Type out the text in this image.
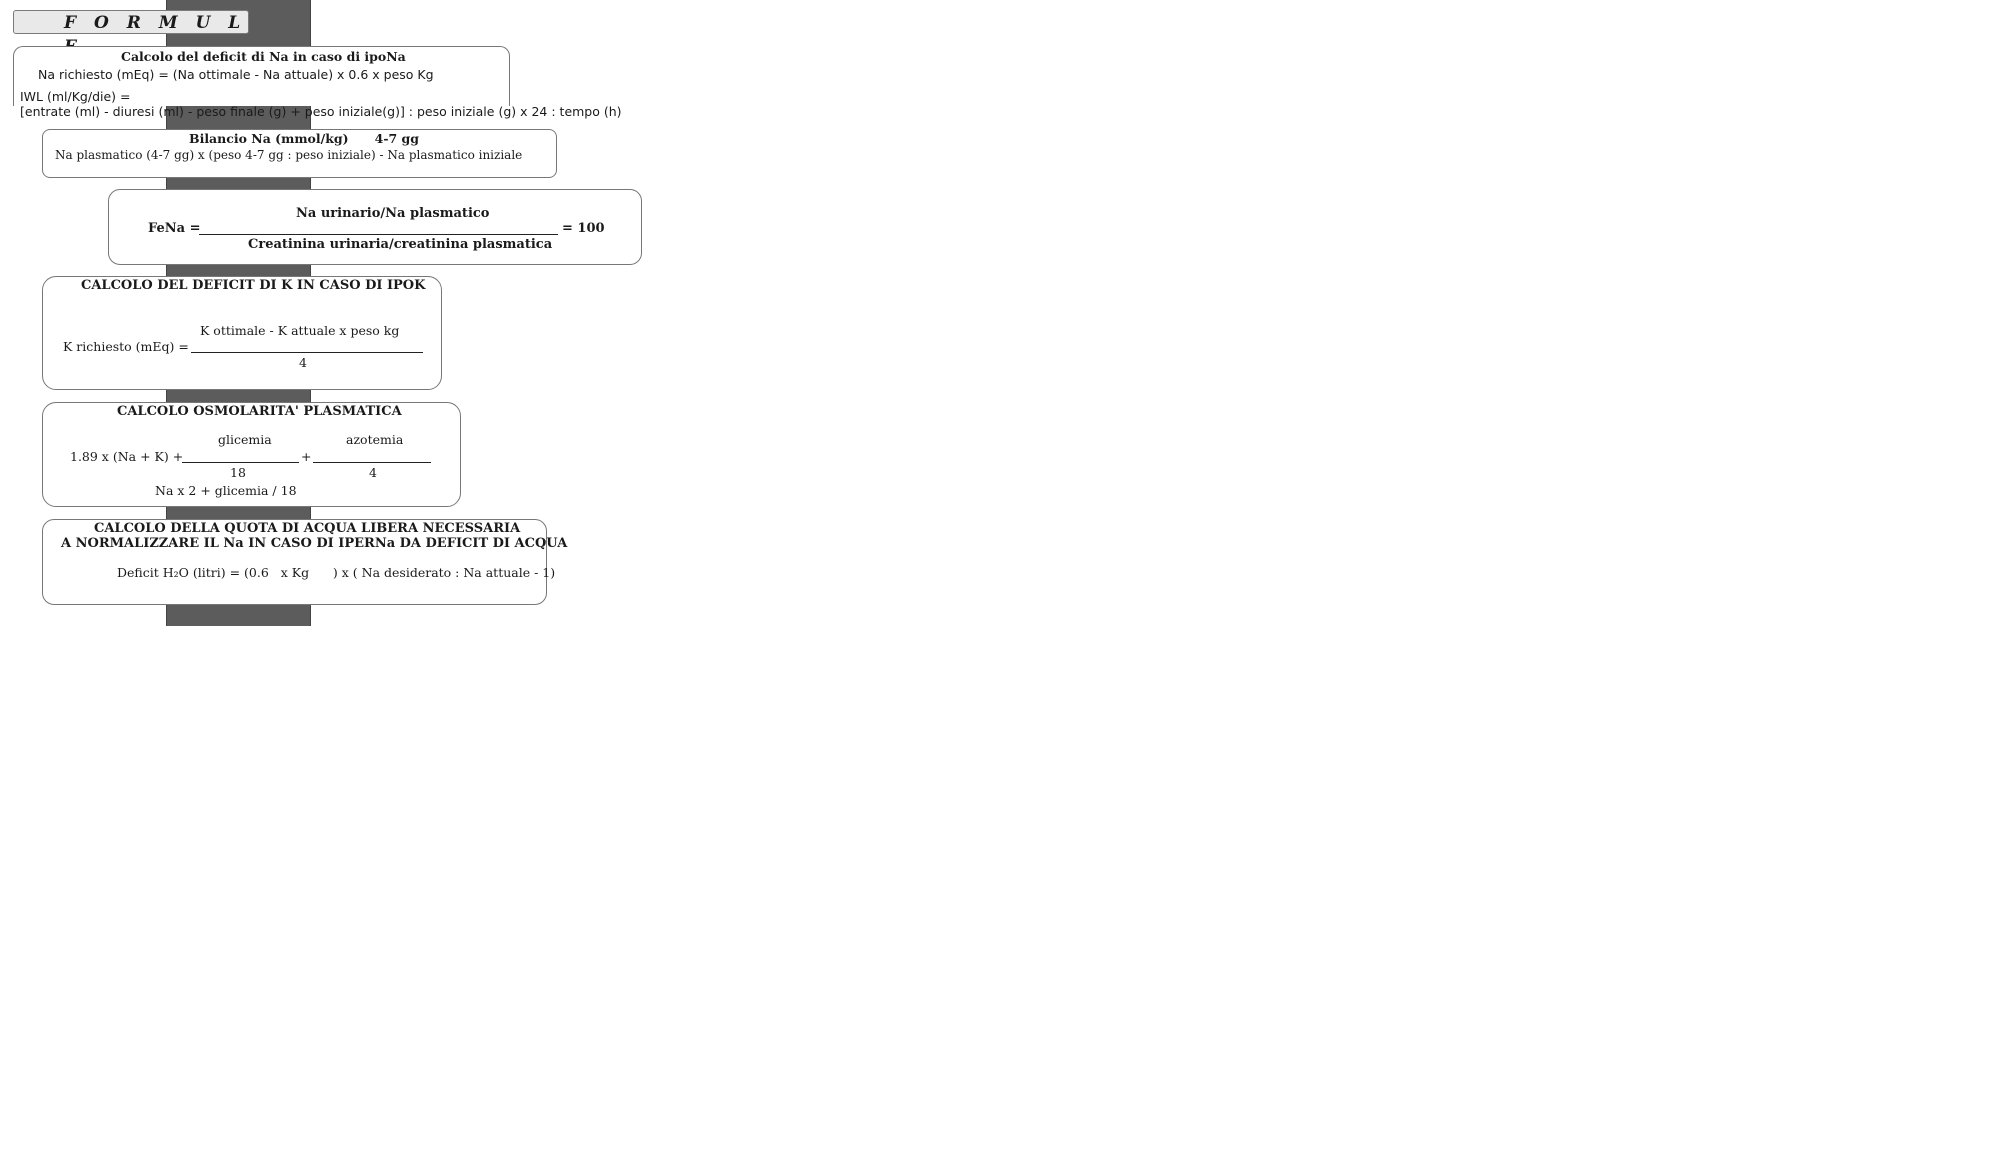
F O R M U L
Calcolo del deficit di Na in caso di ipoNa
Na richiesto (mEq) = (Na ottimale - Na attuale) x 0.6 x peso Kg
IWL (ml/Kg/die) =
[entrate (ml) - diuresi (ml) - peso finale (g) + peso iniziale(g)] : peso iniziale (g) x 24 : tempo (h)
Bilancio Na (mmol/kg)      4-7 gg
Na plasmatico (4-7 gg) x (peso 4-7 gg : peso iniziale) - Na plasmatico iniziale
Na urinario/Na plasmatico
FeNa =	= 100
Creatinina urinaria/creatinina plasmatica
CALCOLO DEL DEFICIT DI K IN CASO DI IPOK
K ottimale - K attuale x peso kg
K richiesto (mEq) =
4
CALCOLO OSMOLARITA' PLASMATICA
glicemia	azotemia
1.89 x (Na + K) +	+
18	4
Na x 2 + glicemia / 18
CALCOLO DELLA QUOTA DI ACQUA LIBERA NECESSARIA
A NORMALIZZARE IL Na IN CASO DI IPERNa DA DEFICIT DI ACQUA
Deficit H₂O (litri) = (0.6   x Kg      ) x ( Na desiderato : Na attuale - 1)
